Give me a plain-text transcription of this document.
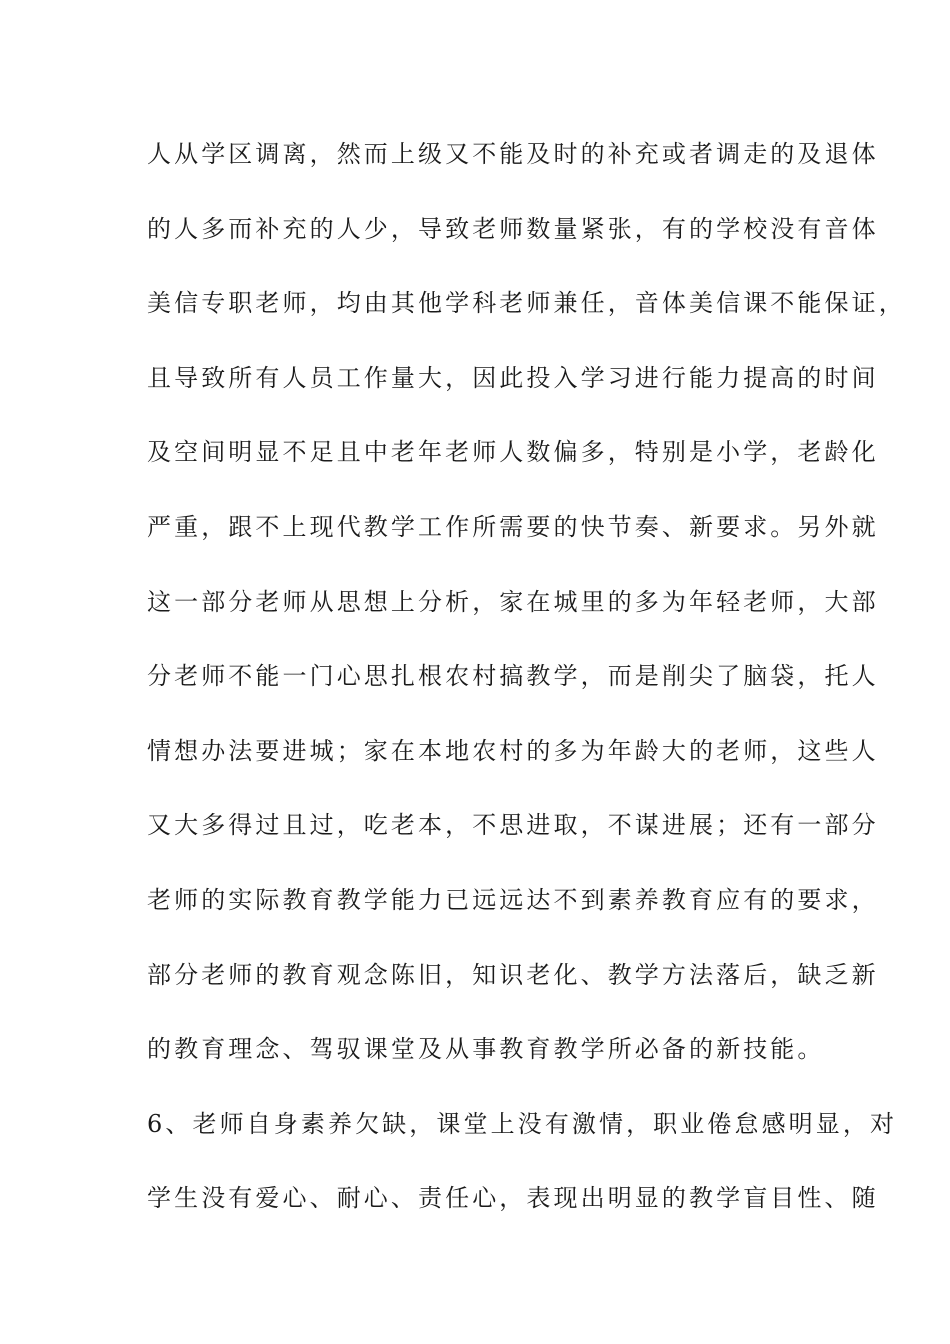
人从学区调离，然而上级又不能及时的补充或者调走的及退体
的人多而补充的人少，导致老师数量紧张，有的学校没有音体
美信专职老师，均由其他学科老师兼任，音体美信课不能保证，
且导致所有人员工作量大，因此投入学习进行能力提高的时间
及空间明显不足且中老年老师人数偏多，特别是小学，老龄化
严重，跟不上现代教学工作所需要的快节奏、新要求。另外就
这一部分老师从思想上分析，家在城里的多为年轻老师，大部
分老师不能一门心思扎根农村搞教学，而是削尖了脑袋，托人
情想办法要进城；家在本地农村的多为年龄大的老师，这些人
又大多得过且过，吃老本，不思进取，不谋进展；还有一部分
老师的实际教育教学能力已远远达不到素养教育应有的要求，
部分老师的教育观念陈旧，知识老化、教学方法落后，缺乏新
的教育理念、驾驭课堂及从事教育教学所必备的新技能。
6、老师自身素养欠缺，课堂上没有激情，职业倦怠感明显，对
学生没有爱心、耐心、责任心，表现出明显的教学盲目性、随
